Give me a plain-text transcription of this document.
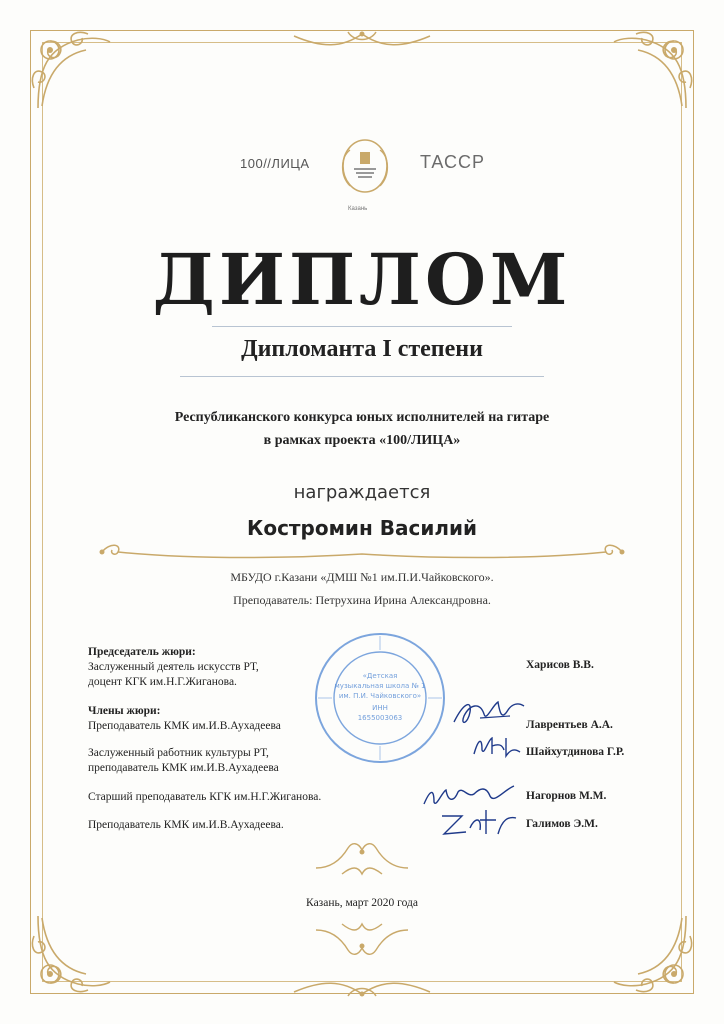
100//ЛИЦА
Казань
ТАССР
ДИПЛОМ
Дипломанта I степени
Республиканского конкурса юных исполнителей на гитаре
в рамках проекта «100/ЛИЦА»
награждается
Костромин Василий
МБУДО г.Казани «ДМШ №1 им.П.И.Чайковского».
Преподаватель: Петрухина Ирина Александровна.
«Детская
музыкальная школа № 1
им. П.И. Чайковского»
ИНН
1655003063
Председатель жюри:
Заслуженный деятель искусств РТ,
доцент КГК им.Н.Г.Жиганова.
Харисов В.В.
Члены жюри:
Преподаватель КМК им.И.В.Аухадеева	Лаврентьев А.А.
Заслуженный работник культуры РТ,
преподаватель КМК им.И.В.Аухадеева
Шайхутдинова Г.Р.
Старший преподаватель КГК им.Н.Г.Жиганова.	Нагорнов М.М.
Преподаватель КМК им.И.В.Аухадеева.	Галимов Э.М.
Казань, март 2020 года
